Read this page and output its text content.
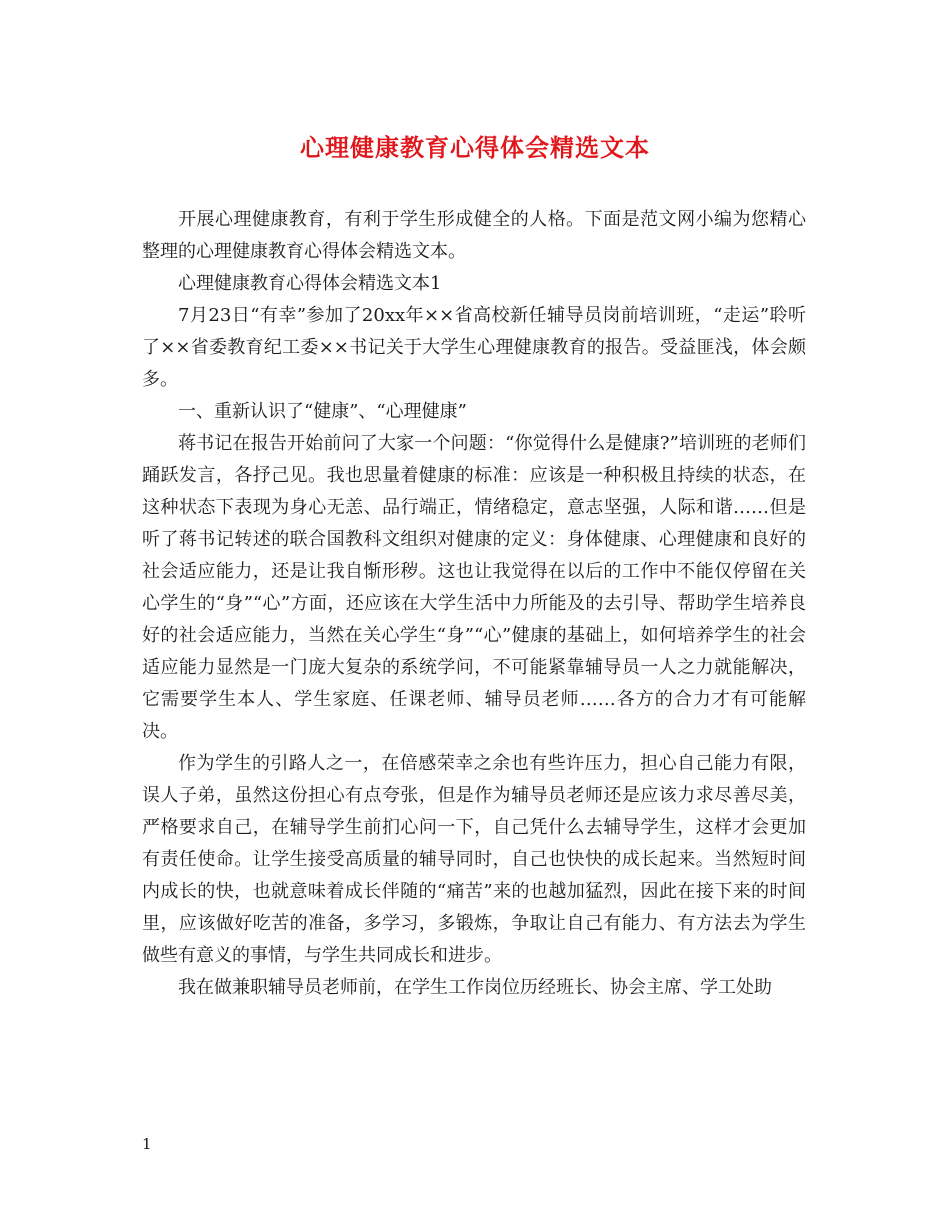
心理健康教育心得体会精选文本

开展心理健康教育，有利于学生形成健全的人格。下面是范文网小编为您精心整理的心理健康教育心得体会精选文本。

心理健康教育心得体会精选文本1

7月23日“有幸”参加了20xx年××省高校新任辅导员岗前培训班，“走运”聆听了××省委教育纪工委××书记关于大学生心理健康教育的报告。受益匪浅，体会颇多。

一、重新认识了“健康”、“心理健康”

蒋书记在报告开始前问了大家一个问题：“你觉得什么是健康?”培训班的老师们踊跃发言，各抒己见。我也思量着健康的标准：应该是一种积极且持续的状态，在这种状态下表现为身心无恙、品行端正，情绪稳定，意志坚强，人际和谐……但是听了蒋书记转述的联合国教科文组织对健康的定义：身体健康、心理健康和良好的社会适应能力，还是让我自惭形秽。这也让我觉得在以后的工作中不能仅停留在关心学生的“身”“心”方面，还应该在大学生活中力所能及的去引导、帮助学生培养良好的社会适应能力，当然在关心学生“身”“心”健康的基础上，如何培养学生的社会适应能力显然是一门庞大复杂的系统学问，不可能紧靠辅导员一人之力就能解决，它需要学生本人、学生家庭、任课老师、辅导员老师……各方的合力才有可能解决。

作为学生的引路人之一，在倍感荣幸之余也有些许压力，担心自己能力有限，误人子弟，虽然这份担心有点夸张，但是作为辅导员老师还是应该力求尽善尽美，严格要求自己，在辅导学生前扪心问一下，自己凭什么去辅导学生，这样才会更加有责任使命。让学生接受高质量的辅导同时，自己也快快的成长起来。当然短时间内成长的快，也就意味着成长伴随的“痛苦”来的也越加猛烈，因此在接下来的时间里，应该做好吃苦的准备，多学习，多锻炼，争取让自己有能力、有方法去为学生做些有意义的事情，与学生共同成长和进步。

我在做兼职辅导员老师前，在学生工作岗位历经班长、协会主席、学工处助

1
